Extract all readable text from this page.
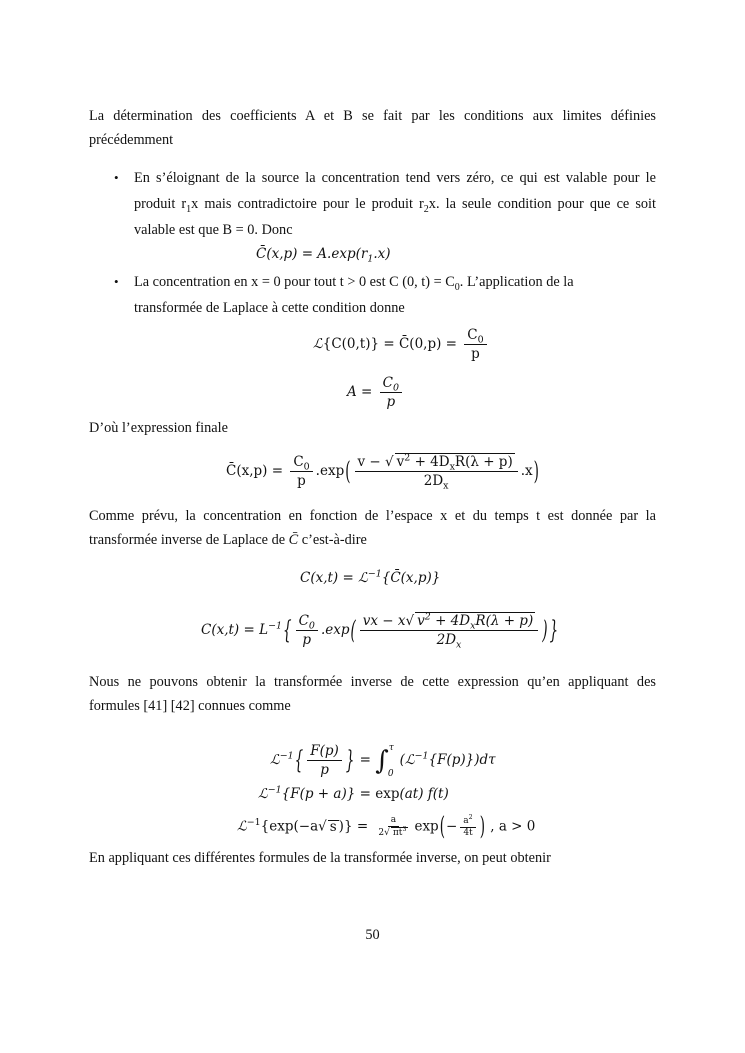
La détermination des coefficients A et B se fait par les conditions aux limites définies

précédemment

• En s’éloignant de la source la concentration tend vers zéro, ce qui est valable pour le

produit $r_1x$ mais contradictoire pour le produit $r_2x$. la seule condition pour que ce soit

valable est que B = 0. Donc

C̄(x,p) = $A.\exp(r_1.x)$
• La concentration en x = 0 pour tout t > 0 est C (0, $t) = C_0$. L’application de la

transformée de Laplace à cette condition donne

ℒ{C(0,t)} = C̄(0,p) = $\frac{C_0}{p}$
$A = \frac{C_0}{p}$

D’où l’expression finale

C̄(x,p) = $\frac{C_0}{p} .\exp( \frac{v - √ v^2 + 4D_xR(\lambda + p)}{2D_x} .x)$

Comme prévu, la concentration en fonction de l’espace x et du temps t est donnée par la

transformée inverse de Laplace de C̄ c’est-à-dire

C(x,t) = ℒ$^{-1}${C̄(x,p)}
$C(x,t) = L^{-1}\{ \frac{C_0}{p} .\exp( \frac{vx - x√ v^2 + 4D_xR(\lambda + p)}{2D_x}$ ) }

Nous ne pouvons obtenir la transformée inverse de cette expression qu’en appliquant des

formules [41] [42] connues comme

ℒ$^{-1}${ $\frac{F(p)}{p}$ } = ∫$^\tau_0$(ℒ$^{-1}${F(p)})dτ
ℒ$^{-1}${F(p + a)} = exp(at) f(t)
ℒ$^{-1}${exp(−a√ s )} = $\frac{a}{2√ \pi t^3} \exp(- \frac{a^2}{4t}$ ) , a > 0

En appliquant ces différentes formules de la transformée inverse, on peut obtenir

50
